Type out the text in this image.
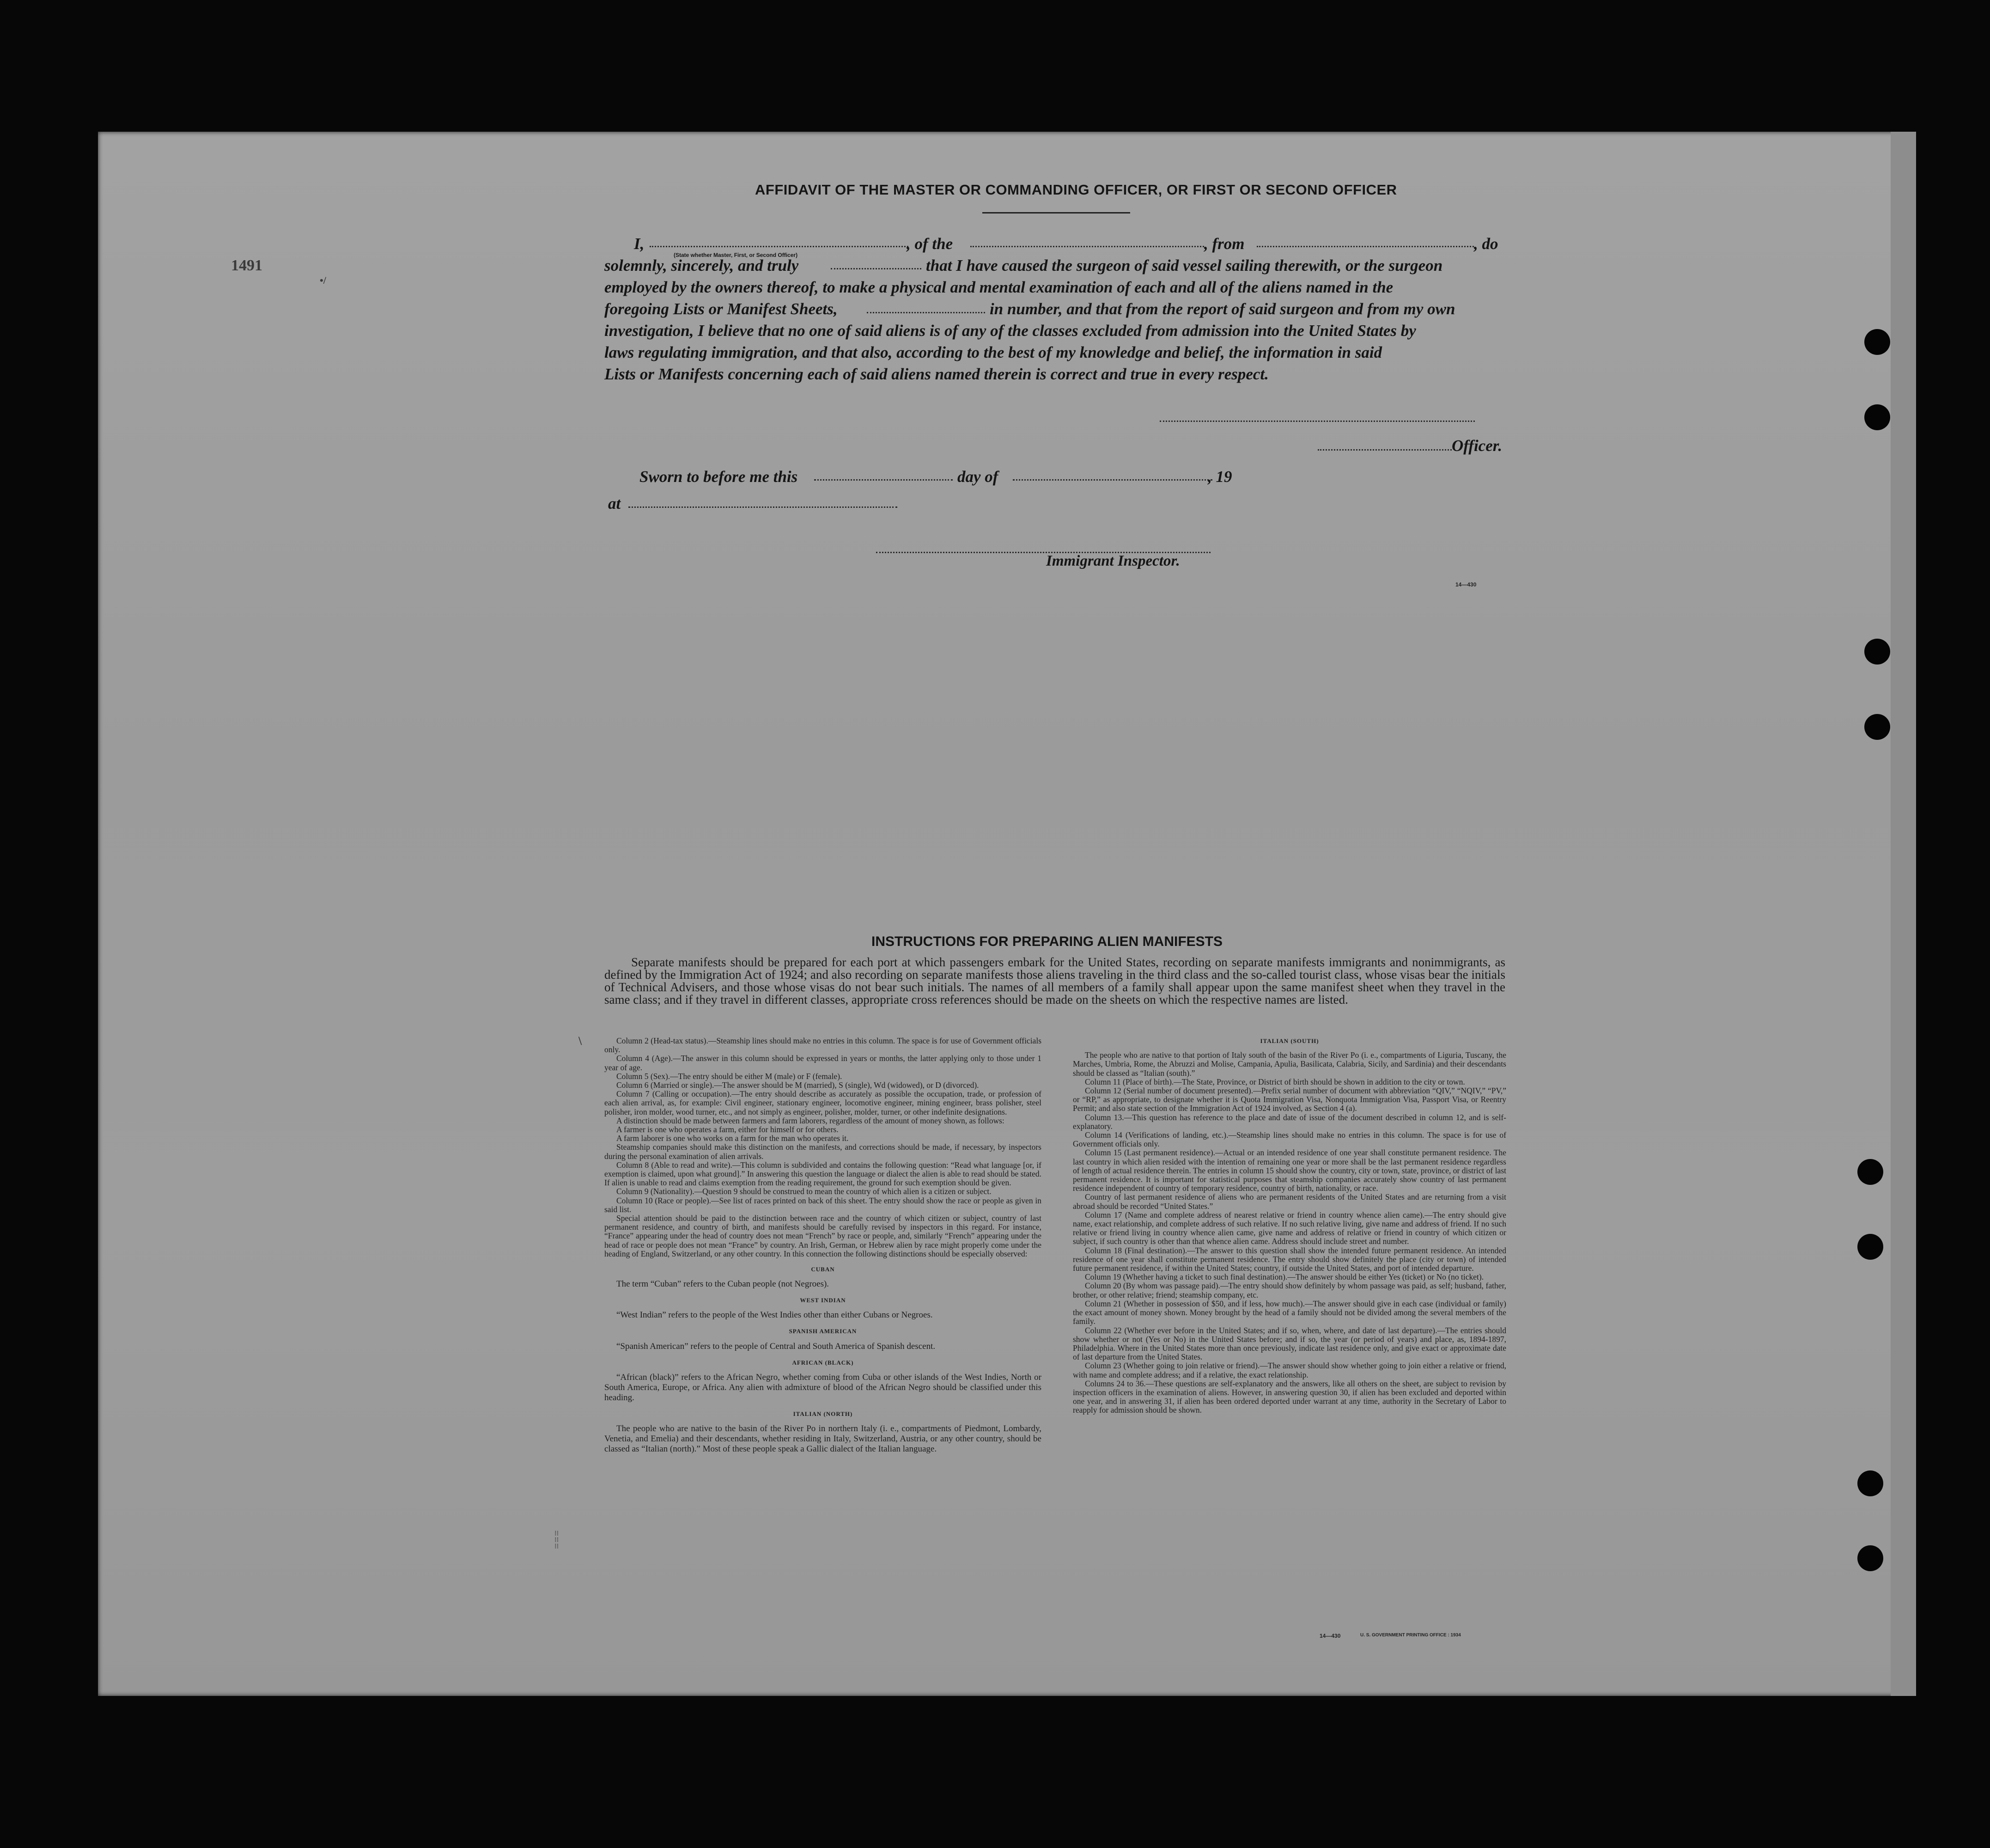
1491
•/
AFFIDAVIT OF THE MASTER OR COMMANDING OFFICER, OR FIRST OR SECOND OFFICER
I,
(State whether Master, First, or Second Officer)
, of the	, from	, do
solemnly, sincerely, and truly	that I have caused the surgeon of said vessel sailing therewith, or the surgeon
employed by the owners thereof, to make a physical and mental examination of each and all of the aliens named in the
foregoing Lists or Manifest Sheets,	in number, and that from the report of said surgeon and from my own
investigation, I believe that no one of said aliens is of any of the classes excluded from admission into the United States by
laws regulating immigration, and that also, according to the best of my knowledge and belief, the information in said
Lists or Manifests concerning each of said aliens named therein is correct and true in every respect.
Officer.
Sworn to before me this	day of	, 19
at
Immigrant Inspector.
14—430
INSTRUCTIONS FOR PREPARING ALIEN MANIFESTS
Separate manifests should be prepared for each port at which passengers embark for the United States, recording on separate manifests immigrants and nonimmigrants, as defined by the Immigration Act of 1924; and also recording on separate manifests those aliens traveling in the third class and the so-called tourist class, whose visas bear the initials of Technical Advisers, and those whose visas do not bear such initials. The names of all members of a family shall appear upon the same manifest sheet when they travel in the same class; and if they travel in different classes, appropriate cross references should be made on the sheets on which the respective names are listed.
\	Column 2 (Head-tax status).—Steamship lines should make no entries in this column. The space is for use of Government officials only.

Column 4 (Age).—The answer in this column should be expressed in years or months, the latter applying only to those under 1 year of age.

Column 5 (Sex).—The entry should be either M (male) or F (female).

Column 6 (Married or single).—The answer should be M (married), S (single), Wd (widowed), or D (divorced).

Column 7 (Calling or occupation).—The entry should describe as accurately as possible the occupation, trade, or profession of each alien arrival, as, for example: Civil engineer, stationary engineer, locomotive engineer, mining engineer, brass polisher, steel polisher, iron molder, wood turner, etc., and not simply as engineer, polisher, molder, turner, or other indefinite designations.

A distinction should be made between farmers and farm laborers, regardless of the amount of money shown, as follows:

A farmer is one who operates a farm, either for himself or for others.

A farm laborer is one who works on a farm for the man who operates it.

Steamship companies should make this distinction on the manifests, and corrections should be made, if necessary, by inspectors during the personal examination of alien arrivals.

Column 8 (Able to read and write).—This column is subdivided and contains the following question: “Read what language [or, if exemption is claimed, upon what ground].” In answering this question the language or dialect the alien is able to read should be stated. If alien is unable to read and claims exemption from the reading requirement, the ground for such exemption should be given.

Column 9 (Nationality).—Question 9 should be construed to mean the country of which alien is a citizen or subject.

Column 10 (Race or people).—See list of races printed on back of this sheet. The entry should show the race or people as given in said list.

Special attention should be paid to the distinction between race and the country of which citizen or subject, country of last permanent residence, and country of birth, and manifests should be carefully revised by inspectors in this regard. For instance, “France” appearing under the head of country does not mean “French” by race or people, and, similarly “French” appearing under the head of race or people does not mean “France” by country. An Irish, German, or Hebrew alien by race might properly come under the heading of England, Switzerland, or any other country. In this connection the following distinctions should be especially observed:

CUBAN

The term “Cuban” refers to the Cuban people (not Negroes).

WEST INDIAN

“West Indian” refers to the people of the West Indies other than either Cubans or Negroes.

SPANISH AMERICAN

“Spanish American” refers to the people of Central and South America of Spanish descent.

AFRICAN (BLACK)

“African (black)” refers to the African Negro, whether coming from Cuba or other islands of the West Indies, North or South America, Europe, or Africa. Any alien with admixture of blood of the African Negro should be classified under this heading.

ITALIAN (NORTH)

The people who are native to the basin of the River Po in northern Italy (i. e., compartments of Piedmont, Lombardy, Venetia, and Emelia) and their descendants, whether residing in Italy, Switzerland, Austria, or any other country, should be classed as “Italian (north).” Most of these people speak a Gallic dialect of the Italian language.

⁞⁞
⁞⁞
⁞⁞

ITALIAN (SOUTH)

The people who are native to that portion of Italy south of the basin of the River Po (i. e., compartments of Liguria, Tuscany, the Marches, Umbria, Rome, the Abruzzi and Molise, Campania, Apulia, Basilicata, Calabria, Sicily, and Sardinia) and their descendants should be classed as “Italian (south).”

Column 11 (Place of birth).—The State, Province, or District of birth should be shown in addition to the city or town.

Column 12 (Serial number of document presented).—Prefix serial number of document with abbreviation “QIV,” “NQIV,” “PV,” or “RP,” as appropriate, to designate whether it is Quota Immigration Visa, Nonquota Immigration Visa, Passport Visa, or Reentry Permit; and also state section of the Immigration Act of 1924 involved, as Section 4 (a).

Column 13.—This question has reference to the place and date of issue of the document described in column 12, and is self-explanatory.

Column 14 (Verifications of landing, etc.).—Steamship lines should make no entries in this column. The space is for use of Government officials only.

Column 15 (Last permanent residence).—Actual or an intended residence of one year shall constitute permanent residence. The last country in which alien resided with the intention of remaining one year or more shall be the last permanent residence regardless of length of actual residence therein. The entries in column 15 should show the country, city or town, state, province, or district of last permanent residence. It is important for statistical purposes that steamship companies accurately show country of last permanent residence independent of country of temporary residence, country of birth, nationality, or race.

Country of last permanent residence of aliens who are permanent residents of the United States and are returning from a visit abroad should be recorded “United States.”

Column 17 (Name and complete address of nearest relative or friend in country whence alien came).—The entry should give name, exact relationship, and complete address of such relative. If no such relative living, give name and address of friend. If no such relative or friend living in country whence alien came, give name and address of relative or friend in country of which citizen or subject, if such country is other than that whence alien came. Address should include street and number.

Column 18 (Final destination).—The answer to this question shall show the intended future permanent residence. An intended residence of one year shall constitute permanent residence. The entry should show definitely the place (city or town) of intended future permanent residence, if within the United States; country, if outside the United States, and port of intended departure.

Column 19 (Whether having a ticket to such final destination).—The answer should be either Yes (ticket) or No (no ticket).

Column 20 (By whom was passage paid).—The entry should show definitely by whom passage was paid, as self; husband, father, brother, or other relative; friend; steamship company, etc.

Column 21 (Whether in possession of $50, and if less, how much).—The answer should give in each case (individual or family) the exact amount of money shown. Money brought by the head of a family should not be divided among the several members of the family.

Column 22 (Whether ever before in the United States; and if so, when, where, and date of last departure).—The entries should show whether or not (Yes or No) in the United States before; and if so, the year (or period of years) and place, as, 1894-1897, Philadelphia. Where in the United States more than once previously, indicate last residence only, and give exact or approximate date of last departure from the United States.

Column 23 (Whether going to join relative or friend).—The answer should show whether going to join either a relative or friend, with name and complete address; and if a relative, the exact relationship.

Columns 24 to 36.—These questions are self-explanatory and the answers, like all others on the sheet, are subject to revision by inspection officers in the examination of aliens. However, in answering question 30, if alien has been excluded and deported within one year, and in answering 31, if alien has been ordered deported under warrant at any time, authority in the Secretary of Labor to reapply for admission should be shown.

14—430	U. S. GOVERNMENT PRINTING OFFICE : 1934
